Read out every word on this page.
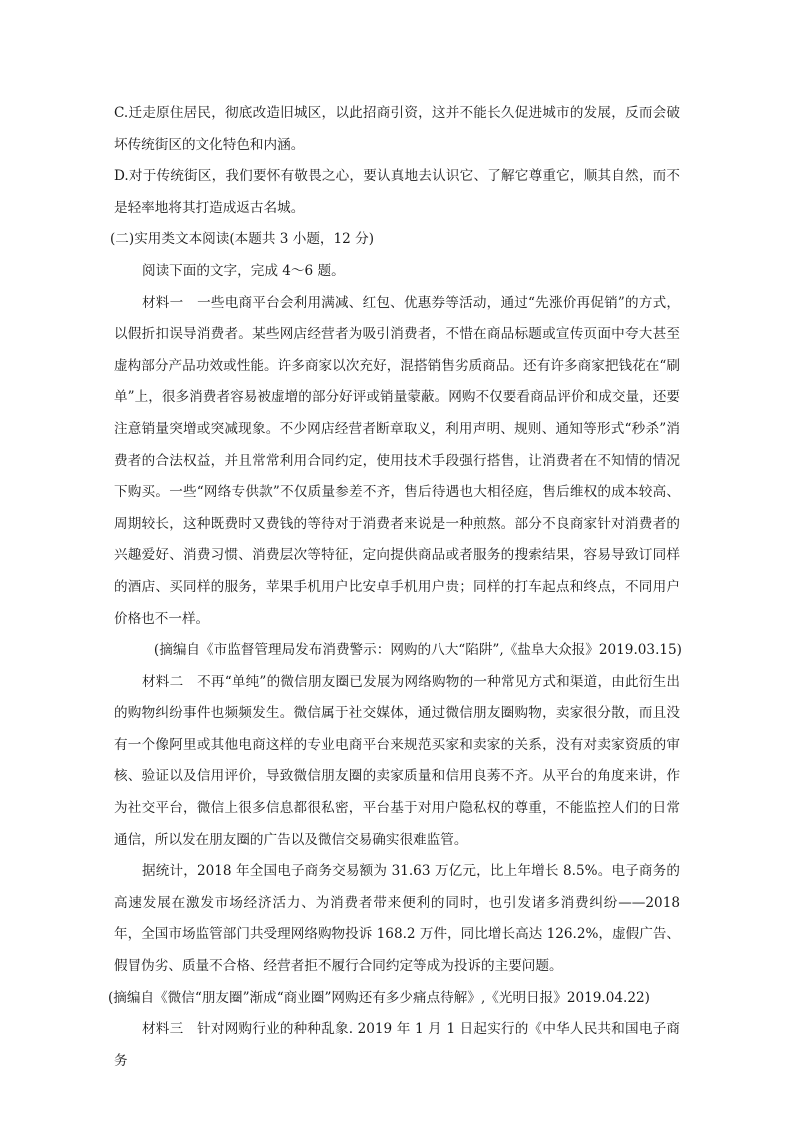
C.迁走原住居民，彻底改造旧城区，以此招商引资，这并不能长久促进城市的发展，反而会破坏传统街区的文化特色和内涵。

D.对于传统街区，我们要怀有敬畏之心，要认真地去认识它、了解它尊重它，顺其自然，而不是轻率地将其打造成返古名城。

(二)实用类文本阅读(本题共 3 小题，12 分)

阅读下面的文字，完成 4～6 题。

材料一　一些电商平台会利用满减、红包、优惠券等活动，通过“先涨价再促销”的方式，以假折扣误导消费者。某些网店经营者为吸引消费者，不惜在商品标题或宣传页面中夸大甚至虚构部分产品功效或性能。许多商家以次充好，混搭销售劣质商品。还有许多商家把钱花在“刷单”上，很多消费者容易被虚增的部分好评或销量蒙蔽。网购不仅要看商品评价和成交量，还要注意销量突增或突减现象。不少网店经营者断章取义，利用声明、规则、通知等形式“秒杀”消费者的合法权益，并且常常利用合同约定，使用技术手段强行搭售，让消费者在不知情的情况下购买。一些“网络专供款”不仅质量参差不齐，售后待遇也大相径庭，售后维权的成本较高、周期较长，这种既费时又费钱的等待对于消费者来说是一种煎熬。部分不良商家针对消费者的兴趣爱好、消费习惯、消费层次等特征，定向提供商品或者服务的搜索结果，容易导致订同样的酒店、买同样的服务，苹果手机用户比安卓手机用户贵；同样的打车起点和终点，不同用户价格也不一样。

(摘编自《市监督管理局发布消费警示：网购的八大“陷阱”,《盐阜大众报》2019.03.15)

材料二　不再“单纯”的微信朋友圈已发展为网络购物的一种常见方式和渠道，由此衍生出的购物纠纷事件也频频发生。微信属于社交媒体，通过微信朋友圈购物，卖家很分散，而且没有一个像阿里或其他电商这样的专业电商平台来规范买家和卖家的关系，没有对卖家资质的审核、验证以及信用评价，导致微信朋友圈的卖家质量和信用良莠不齐。从平台的角度来讲，作为社交平台，微信上很多信息都很私密，平台基于对用户隐私权的尊重，不能监控人们的日常通信，所以发在朋友圈的广告以及微信交易确实很难监管。

据统计，2018 年全国电子商务交易额为 31.63 万亿元，比上年增长 8.5%。电子商务的高速发展在激发市场经济活力、为消费者带来便利的同时，也引发诸多消费纠纷——2018 年，全国市场监管部门共受理网络购物投诉 168.2 万件，同比增长高达 126.2%，虚假广告、假冒伪劣、质量不合格、经营者拒不履行合同约定等成为投诉的主要问题。

(摘编自《微信“朋友圈”渐成“商业圈”网购还有多少痛点待解》,《光明日报》2019.04.22)

材料三　针对网购行业的种种乱象. 2019 年 1 月 1 日起实行的《中华人民共和国电子商务
